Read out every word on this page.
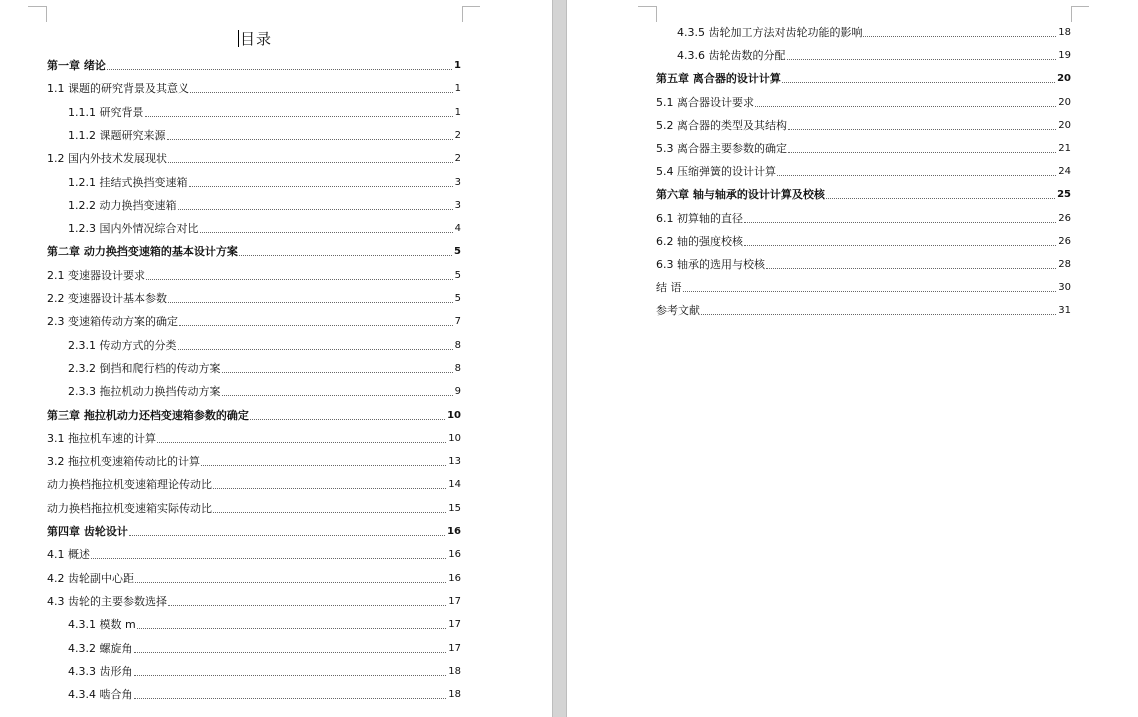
目录
第一章 绪论	1
1.1 课题的研究背景及其意义	1
1.1.1 研究背景	1
1.1.2 课题研究来源	2
1.2 国内外技术发展现状	2
1.2.1 挂结式换挡变速箱	3
1.2.2 动力换挡变速箱	3
1.2.3 国内外情况综合对比	4
第二章 动力换挡变速箱的基本设计方案	5
2.1 变速器设计要求	5
2.2 变速器设计基本参数	5
2.3 变速箱传动方案的确定	7
2.3.1 传动方式的分类	8
2.3.2 倒挡和爬行档的传动方案	8
2.3.3 拖拉机动力换挡传动方案	9
第三章 拖拉机动力还档变速箱参数的确定	10
3.1 拖拉机车速的计算	10
3.2 拖拉机变速箱传动比的计算	13
动力换档拖拉机变速箱理论传动比	14
动力换档拖拉机变速箱实际传动比	15
第四章 齿轮设计	16
4.1 概述	16
4.2 齿轮副中心距	16
4.3 齿轮的主要参数选择	17
4.3.1 模数 m	17
4.3.2 螺旋角	17
4.3.3 齿形角	18
4.3.4 啮合角	18
4.3.5 齿轮加工方法对齿轮功能的影响	18
4.3.6 齿轮齿数的分配	19
第五章 离合器的设计计算	20
5.1 离合器设计要求	20
5.2 离合器的类型及其结构	20
5.3 离合器主要参数的确定	21
5.4 压缩弹簧的设计计算	24
第六章 轴与轴承的设计计算及校核	25
6.1 初算轴的直径	26
6.2 轴的强度校核	26
6.3 轴承的选用与校核	28
结 语	30
参考文献	31
